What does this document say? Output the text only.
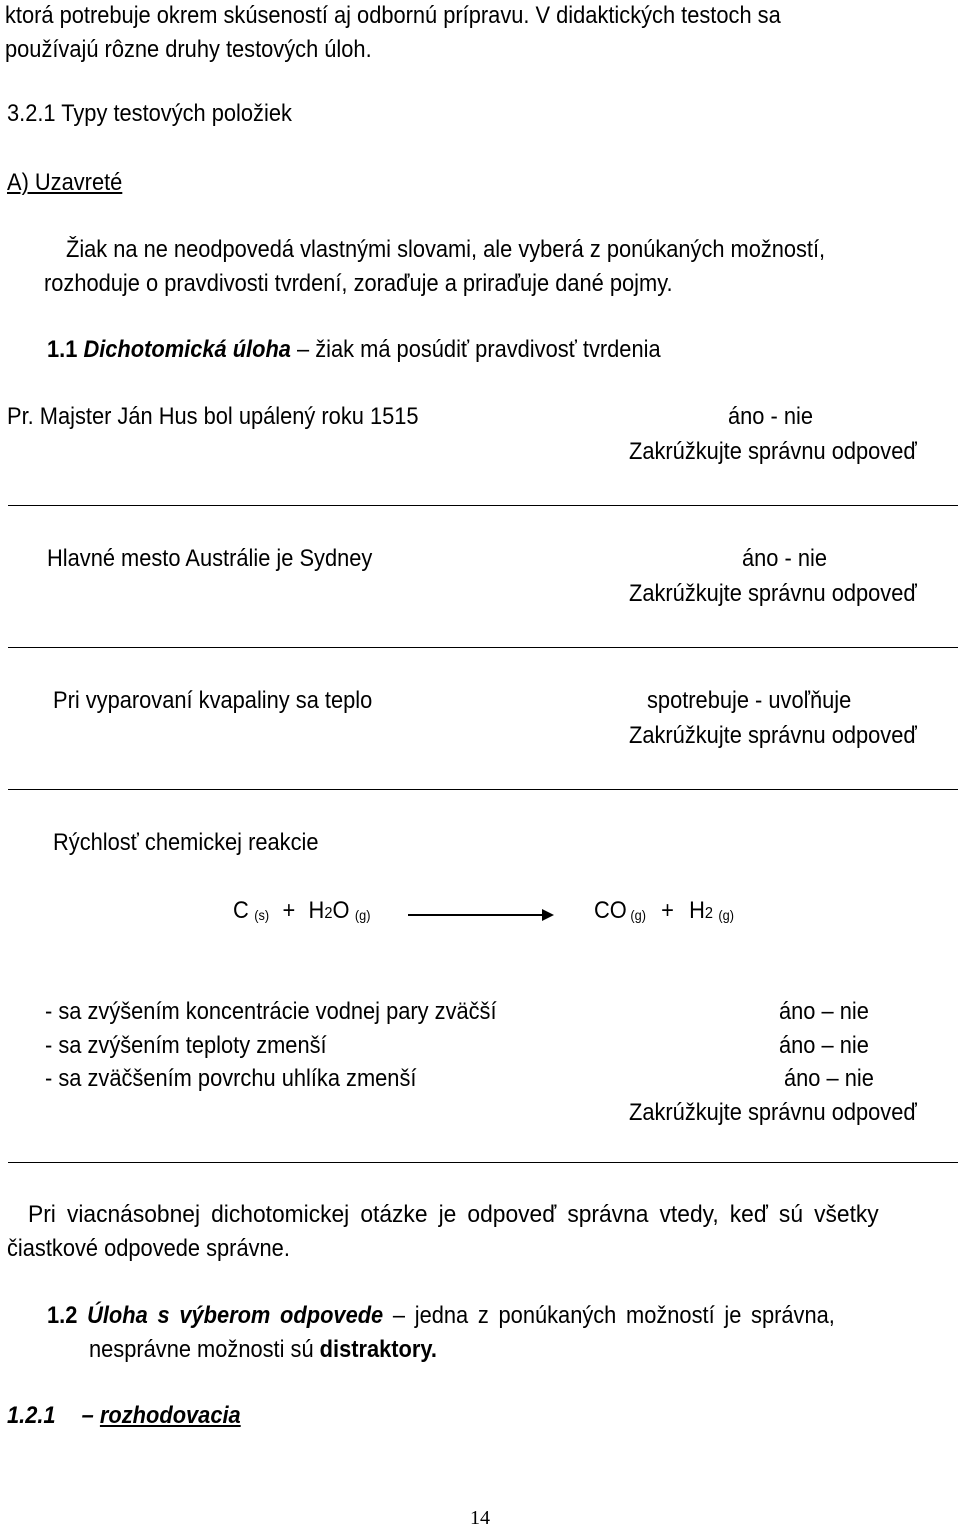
ktorá potrebuje okrem skúseností aj odbornú prípravu. V didaktických testoch sa
používajú rôzne druhy testových úloh.
3.2.1 Typy testových položiek
A) Uzavreté
Žiak na ne neodpovedá vlastnými slovami, ale vyberá z ponúkaných možností,
rozhoduje o pravdivosti tvrdení, zoraďuje a priraďuje dané pojmy.
1.1 Dichotomická úloha – žiak má posúdiť pravdivosť tvrdenia
Pr. Majster Ján Hus bol upálený roku 1515	áno - nie
Zakrúžkujte správnu odpoveď
Hlavné mesto Austrálie je Sydney	áno - nie
Zakrúžkujte správnu odpoveď
Pri vyparovaní kvapaliny sa teplo	spotrebuje - uvoľňuje
Zakrúžkujte správnu odpoveď
Rýchlosť chemickej reakcie
C $_{(s)}$ + H2O $_{(g)}$	CO $_{(g)}$ + H2 $_{(g)}$
- sa zvýšením koncentrácie vodnej pary zväčší	áno – nie
- sa zvýšením teploty zmenší	áno – nie
- sa zväčšením povrchu uhlíka zmenší	áno – nie
Zakrúžkujte správnu odpoveď
Pri viacnásobnej dichotomickej otázke je odpoveď správna vtedy, keď sú všetky
čiastkové odpovede správne.
1.2 Úloha s výberom odpovede – jedna z ponúkaných možností je správna,
nesprávne možnosti sú distraktory.
1.2.1 – rozhodovacia
14
